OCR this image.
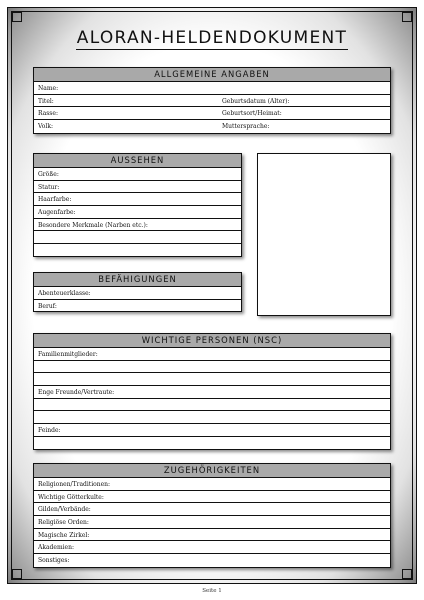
ALORAN-HELDENDOKUMENT
ALLGEMEINE ANGABEN
Name:
Titel:	Geburtsdatum (Alter):
Rasse:	Geburtsort/Heimat:
Volk:	Muttersprache:
AUSSEHEN
Größe:
Statur:
Haarfarbe:
Augenfarbe:
Besondere Merkmale (Narben etc.):
BEFÄHIGUNGEN
Abenteuerklasse:
Beruf:
WICHTIGE PERSONEN (NSC)
Familienmitglieder:
Enge Freunde/Vertraute:
Feinde:
ZUGEHÖRIGKEITEN
Religionen/Traditionen:
Wichtige Götterkulte:
Gilden/Verbände:
Religiöse Orden:
Magische Zirkel:
Akademien:
Sonstiges:
Seite 1
